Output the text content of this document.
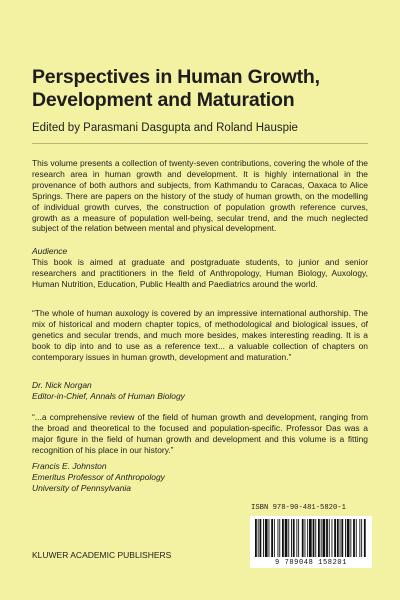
Perspectives in Human Growth, Development and Maturation
Edited by Parasmani Dasgupta and Roland Hauspie
This volume presents a collection of twenty-seven contributions, covering the whole of the research area in human growth and development. It is highly international in the provenance of both authors and subjects, from Kathmandu to Caracas, Oaxaca to Alice Springs. There are papers on the history of the study of human growth, on the modelling of individual growth curves, the construction of population growth reference curves, growth as a measure of population well-being, secular trend, and the much neglected subject of the relation between mental and physical development.
Audience
This book is aimed at graduate and postgraduate students, to junior and senior researchers and practitioners in the field of Anthropology, Human Biology, Auxology, Human Nutrition, Education, Public Health and Paediatrics around the world.
“The whole of human auxology is covered by an impressive international authorship. The mix of historical and modern chapter topics, of methodological and biological issues, of genetics and secular trends, and much more besides, makes interesting reading. It is a book to dip into and to use as a reference text... a valuable collection of chapters on contemporary issues in human growth, development and maturation.”
Dr. Nick Norgan
Editor-in-Chief, Annals of Human Biology
“...a comprehensive review of the field of human growth and development, ranging from the broad and theoretical to the focused and population-specific. Professor Das was a major figure in the field of human growth and development and this volume is a fitting recognition of his place in our history.”
Francis E. Johnston
Emeritus Professor of Anthropology
University of Pennsylvania
ISBN 978-90-481-5820-1
9 789048 158201
KLUWER ACADEMIC PUBLISHERS
